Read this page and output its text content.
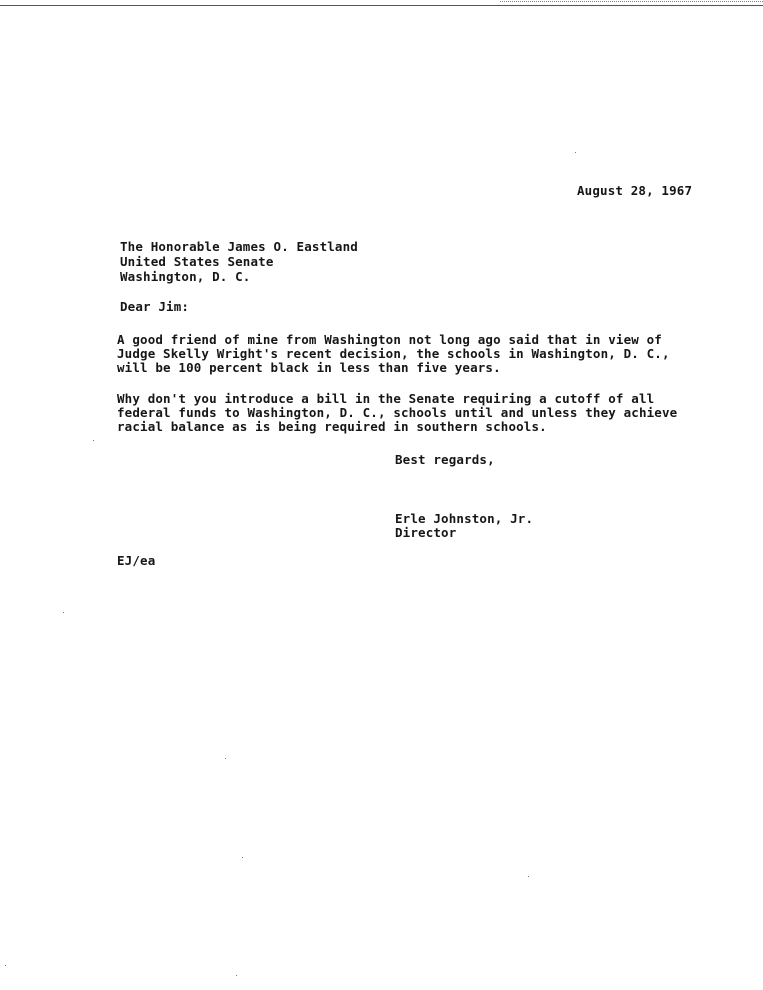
August 28, 1967
The Honorable James O. Eastland
United States Senate
Washington, D. C.
Dear Jim:
A good friend of mine from Washington not long ago said that in view of
Judge Skelly Wright's recent decision, the schools in Washington, D. C.,
will be 100 percent black in less than five years.
Why don't you introduce a bill in the Senate requiring a cutoff of all
federal funds to Washington, D. C., schools until and unless they achieve
racial balance as is being required in southern schools.
Best regards,
Erle Johnston, Jr.
Director
EJ/ea
